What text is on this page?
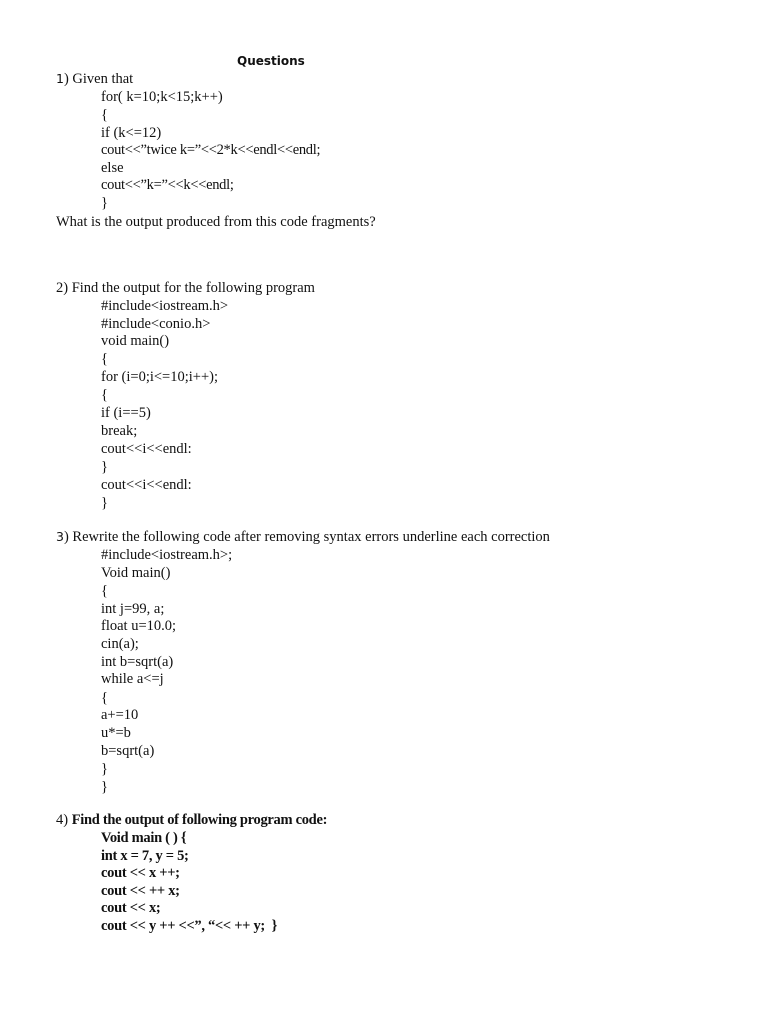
Questions
1) Given that
for( k=10;k<15;k++)
{
if (k<=12)
cout<<”twice k=”<<2*k<<endl<<endl;
else
cout<<”k=”<<k<<endl;
}
What is the output produced from this code fragments?
2) Find the output for the following program
#include<iostream.h>
#include<conio.h>
void main()
{
for (i=0;i<=10;i++);
{
if (i==5)
break;
cout<<i<<endl:
}
cout<<i<<endl:
}
3) Rewrite the following code after removing syntax errors underline each correction
#include<iostream.h>;
Void main()
{
int j=99, a;
float u=10.0;
cin(a);
int b=sqrt(a)
while a<=j
{
a+=10
u*=b
b=sqrt(a)
}
}
4) Find the output of following program code:
Void main ( ) {
int x = 7, y = 5;
cout << x ++;
cout << ++ x;
cout << x;
cout << y ++ <<”, “<< ++ y;  }
